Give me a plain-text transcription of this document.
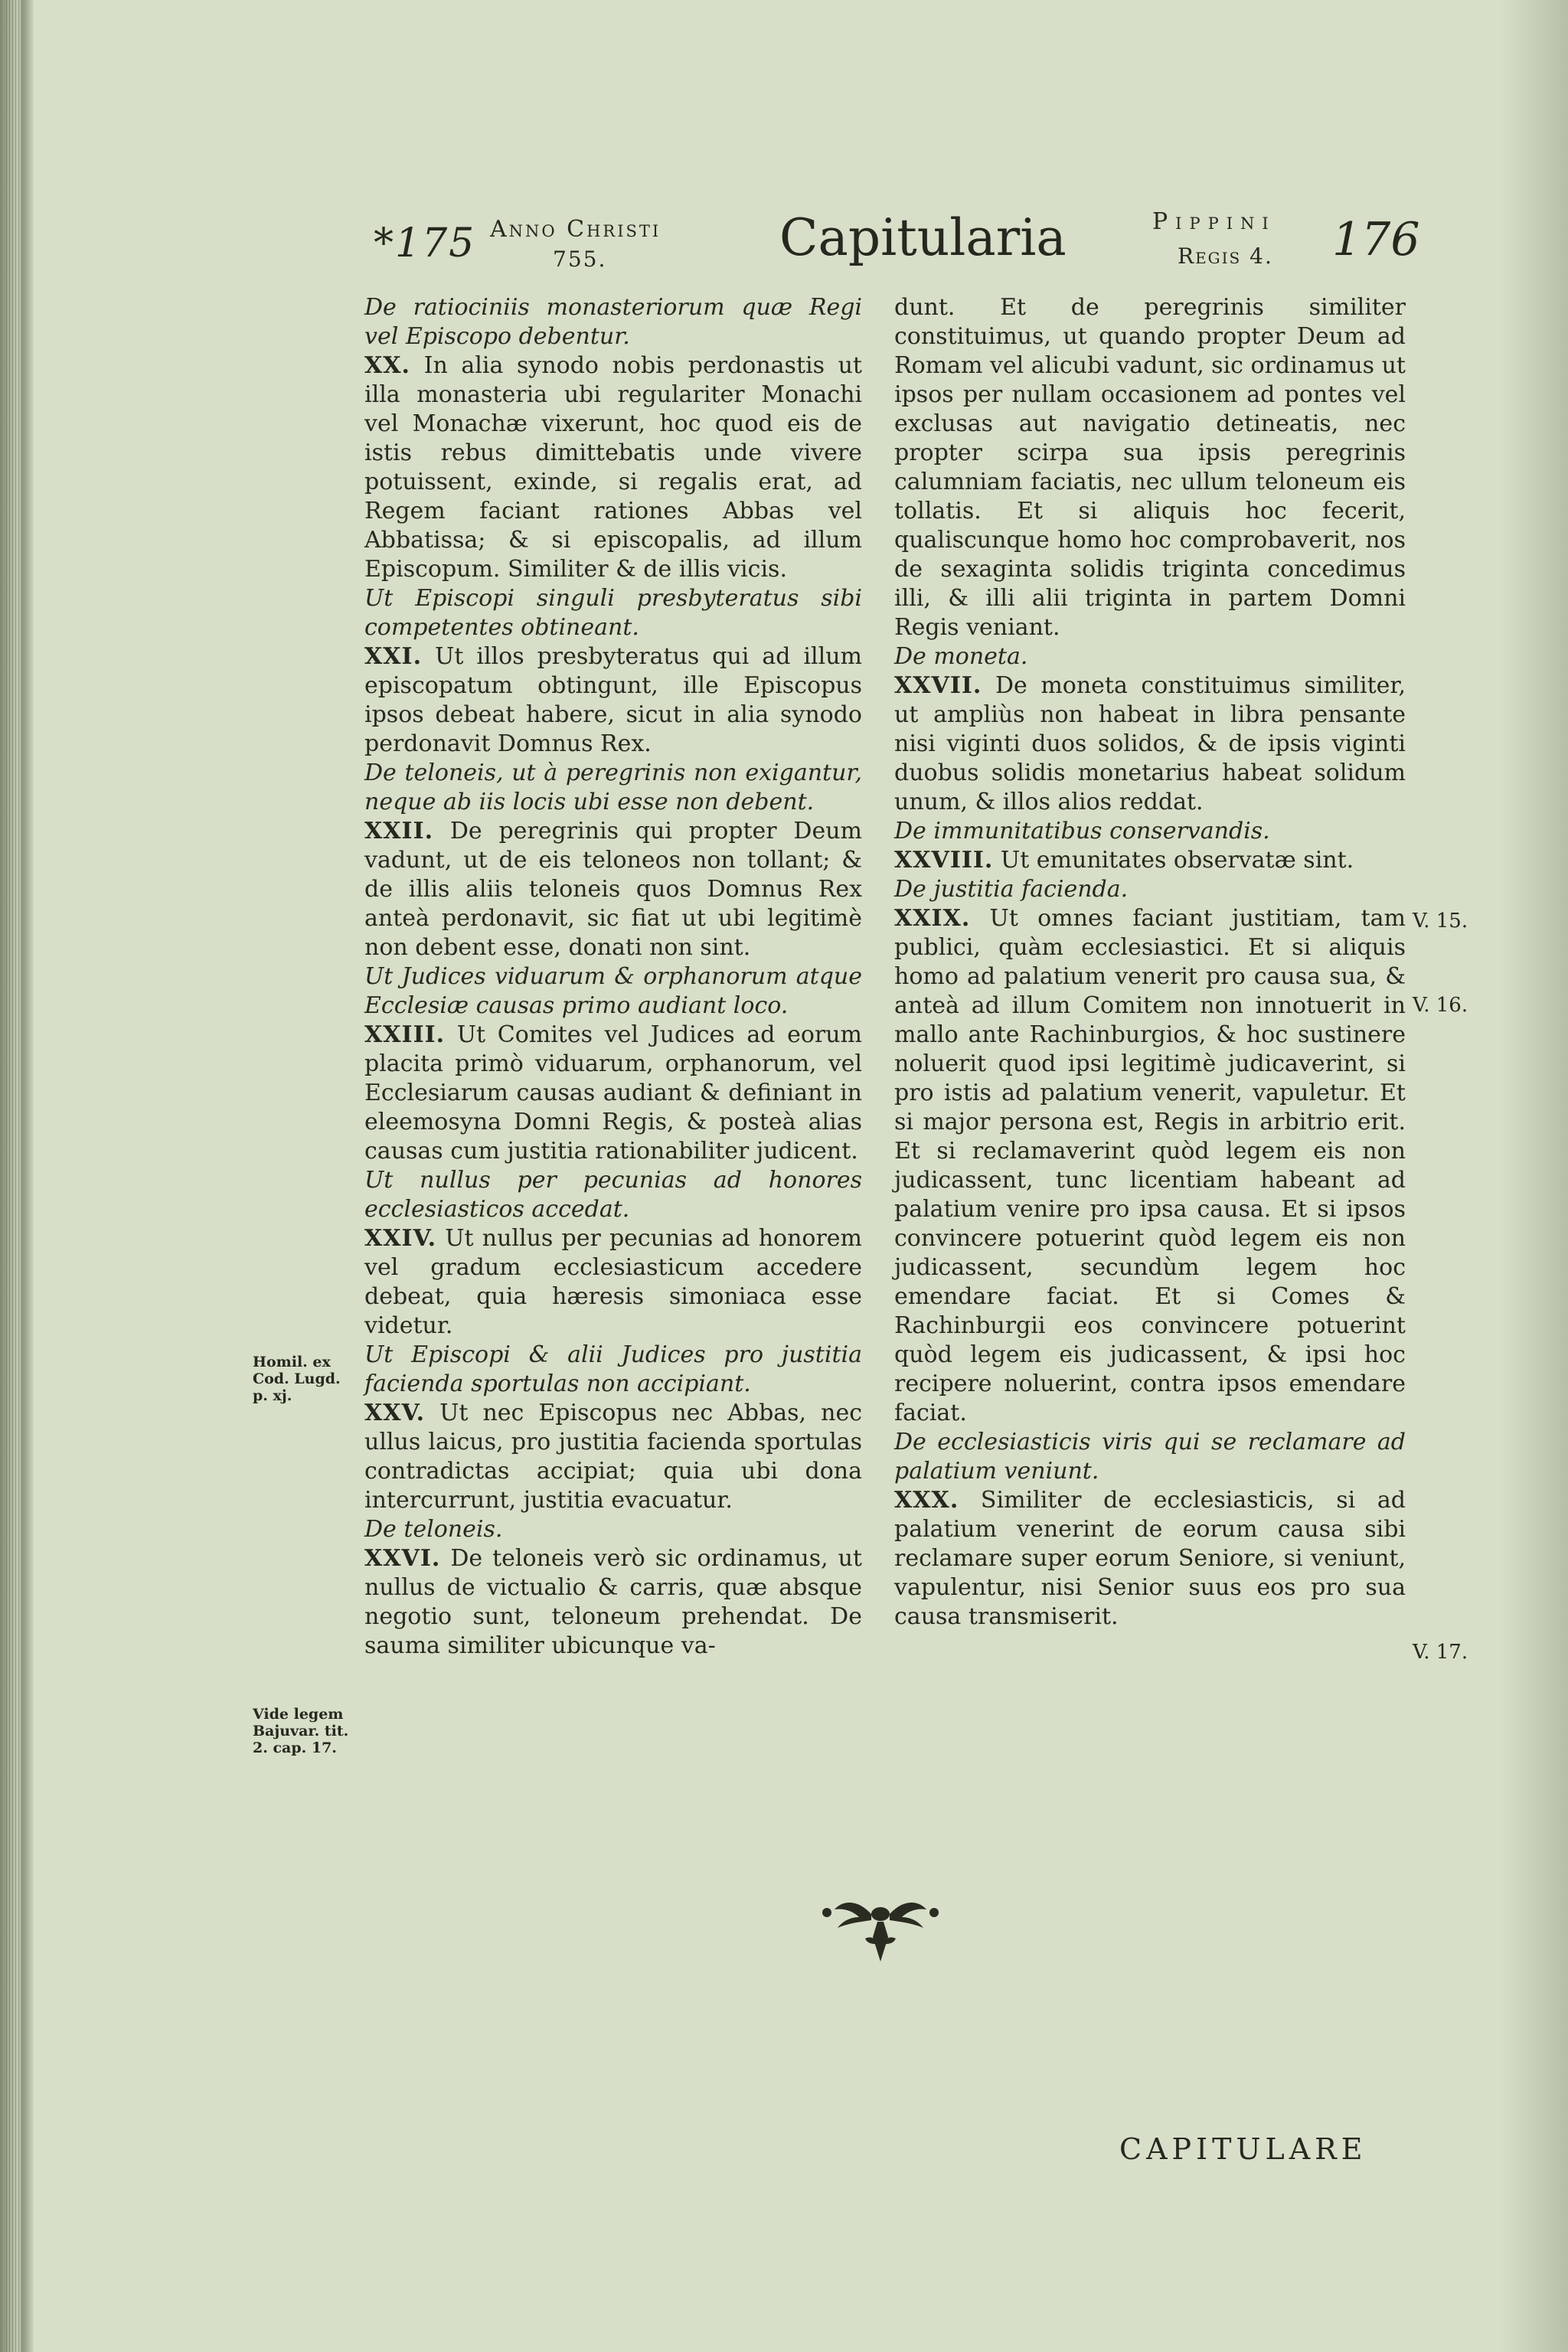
*175 Anno Christi
755.	Capitularia	Pippini
Regis 4. 176

De ratiociniis monasteriorum quæ Regi vel Episcopo debentur.

XX. In alia synodo nobis perdonastis ut illa monasteria ubi regulariter Monachi vel Monachæ vixerunt, hoc quod eis de istis rebus dimittebatis unde vivere potuissent, exinde, si regalis erat, ad Regem faciant rationes Abbas vel Abbatissa; & si episcopalis, ad illum Episcopum. Similiter & de illis vicis.

Ut Episcopi singuli presbyteratus sibi competentes obtineant.

XXI. Ut illos presbyteratus qui ad illum episcopatum obtingunt, ille Episcopus ipsos debeat habere, sicut in alia synodo perdonavit Domnus Rex.

De teloneis, ut à peregrinis non exigantur, neque ab iis locis ubi esse non debent.

XXII. De peregrinis qui propter Deum vadunt, ut de eis teloneos non tollant; & de illis aliis teloneis quos Domnus Rex anteà perdonavit, sic fiat ut ubi legitimè non debent esse, donati non sint.

Ut Judices viduarum & orphanorum atque Ecclesiæ causas primo audiant loco.

XXIII. Ut Comites vel Judices ad eorum placita primò viduarum, orphanorum, vel Ecclesiarum causas audiant & definiant in eleemosyna Domni Regis, & posteà alias causas cum justitia rationabiliter judicent.

Ut nullus per pecunias ad honores ecclesiasticos accedat.

XXIV. Ut nullus per pecunias ad honorem vel gradum ecclesiasticum accedere debeat, quia hæresis simoniaca esse videtur.

Ut Episcopi & alii Judices pro justitia facienda sportulas non accipiant.

XXV. Ut nec Episcopus nec Abbas, nec ullus laicus, pro justitia facienda sportulas contradictas accipiat; quia ubi dona intercurrunt, justitia evacuatur.

De teloneis.

XXVI. De teloneis verò sic ordinamus, ut nullus de victualio & carris, quæ absque negotio sunt, teloneum prehendat. De sauma similiter ubicunque va-

dunt. Et de peregrinis similiter constituimus, ut quando propter Deum ad Romam vel alicubi vadunt, sic ordinamus ut ipsos per nullam occasionem ad pontes vel exclusas aut navigatio detineatis, nec propter scirpa sua ipsis peregrinis calumniam faciatis, nec ullum teloneum eis tollatis. Et si aliquis hoc fecerit, qualiscunque homo hoc comprobaverit, nos de sexaginta solidis triginta concedimus illi, & illi alii triginta in partem Domni Regis veniant.

De moneta.

XXVII. De moneta constituimus similiter, ut ampliùs non habeat in libra pensante nisi viginti duos solidos, & de ipsis viginti duobus solidis monetarius habeat solidum unum, & illos alios reddat.

De immunitatibus conservandis.

XXVIII. Ut emunitates observatæ sint.

De justitia facienda.

XXIX. Ut omnes faciant justitiam, tam publici, quàm ecclesiastici. Et si aliquis homo ad palatium venerit pro causa sua, & anteà ad illum Comitem non innotuerit in mallo ante Rachinburgios, & hoc sustinere noluerit quod ipsi legitimè judicaverint, si pro istis ad palatium venerit, vapuletur. Et si major persona est, Regis in arbitrio erit. Et si reclamaverint quòd legem eis non judicassent, tunc licentiam habeant ad palatium venire pro ipsa causa. Et si ipsos convincere potuerint quòd legem eis non judicassent, secundùm legem hoc emendare faciat. Et si Comes & Rachinburgii eos convincere potuerint quòd legem eis judicassent, & ipsi hoc recipere noluerint, contra ipsos emendare faciat.

De ecclesiasticis viris qui se reclamare ad palatium veniunt.

XXX. Similiter de ecclesiasticis, si ad palatium venerint de eorum causa sibi reclamare super eorum Seniore, si veniunt, vapulentur, nisi Senior suus eos pro sua causa transmiserit.

Homil. ex Cod. Lugd. p. xj.
Vide legem Bajuvar. tit. 2. cap. 17.
V. 15.
V. 16.
V. 17.
CAPITULARE
